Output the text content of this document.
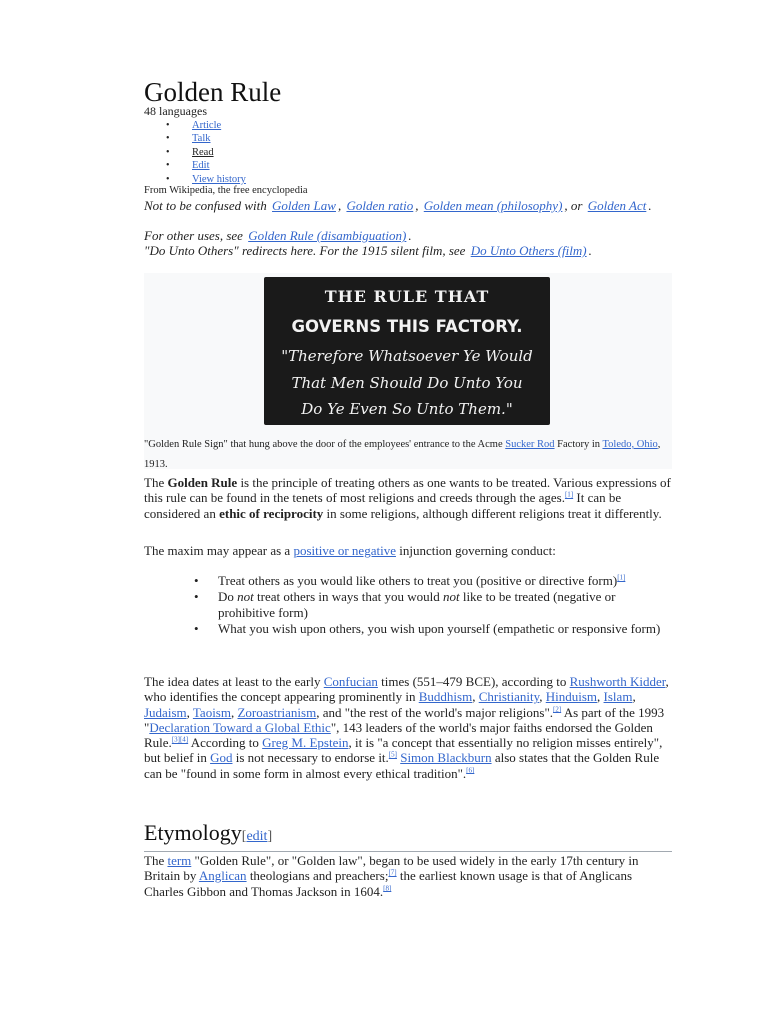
Golden Rule
48 languages
• Article
• Talk
• Read
• Edit
• View history
From Wikipedia, the free encyclopedia
Not to be confused with Golden Law , Golden ratio , Golden mean (philosophy) , or Golden Act .
For other uses, see Golden Rule (disambiguation) .
"Do Unto Others" redirects here. For the 1915 silent film, see Do Unto Others (film) .
THE RULE THAT
GOVERNS THIS FACTORY.
"Therefore Whatsoever Ye Would
That Men Should Do Unto You
Do Ye Even So Unto Them."
"Golden Rule Sign" that hung above the door of the employees' entrance to the Acme Sucker Rod Factory in Toledo, Ohio, 1913.

The Golden Rule is the principle of treating others as one wants to be treated. Various expressions of this rule can be found in the tenets of most religions and creeds through the ages.[1] It can be considered an ethic of reciprocity in some religions, although different religions treat it differently.

The maxim may appear as a positive or negative injunction governing conduct:

• Treat others as you would like others to treat you (positive or directive form)[1]
• Do not treat others in ways that you would not like to be treated (negative or prohibitive form)
• What you wish upon others, you wish upon yourself (empathetic or responsive form)

The idea dates at least to the early Confucian times (551–479 BCE), according to Rushworth Kidder, who identifies the concept appearing prominently in Buddhism, Christianity, Hinduism, Islam, Judaism, Taoism, Zoroastrianism, and "the rest of the world's major religions".[2] As part of the 1993 "Declaration Toward a Global Ethic", 143 leaders of the world's major faiths endorsed the Golden Rule.[3][4] According to Greg M. Epstein, it is "a concept that essentially no religion misses entirely", but belief in God is not necessary to endorse it.[5] Simon Blackburn also states that the Golden Rule can be "found in some form in almost every ethical tradition".[6]

Etymology[edit]

The term "Golden Rule", or "Golden law", began to be used widely in the early 17th century in Britain by Anglican theologians and preachers;[7] the earliest known usage is that of Anglicans Charles Gibbon and Thomas Jackson in 1604.[8]
